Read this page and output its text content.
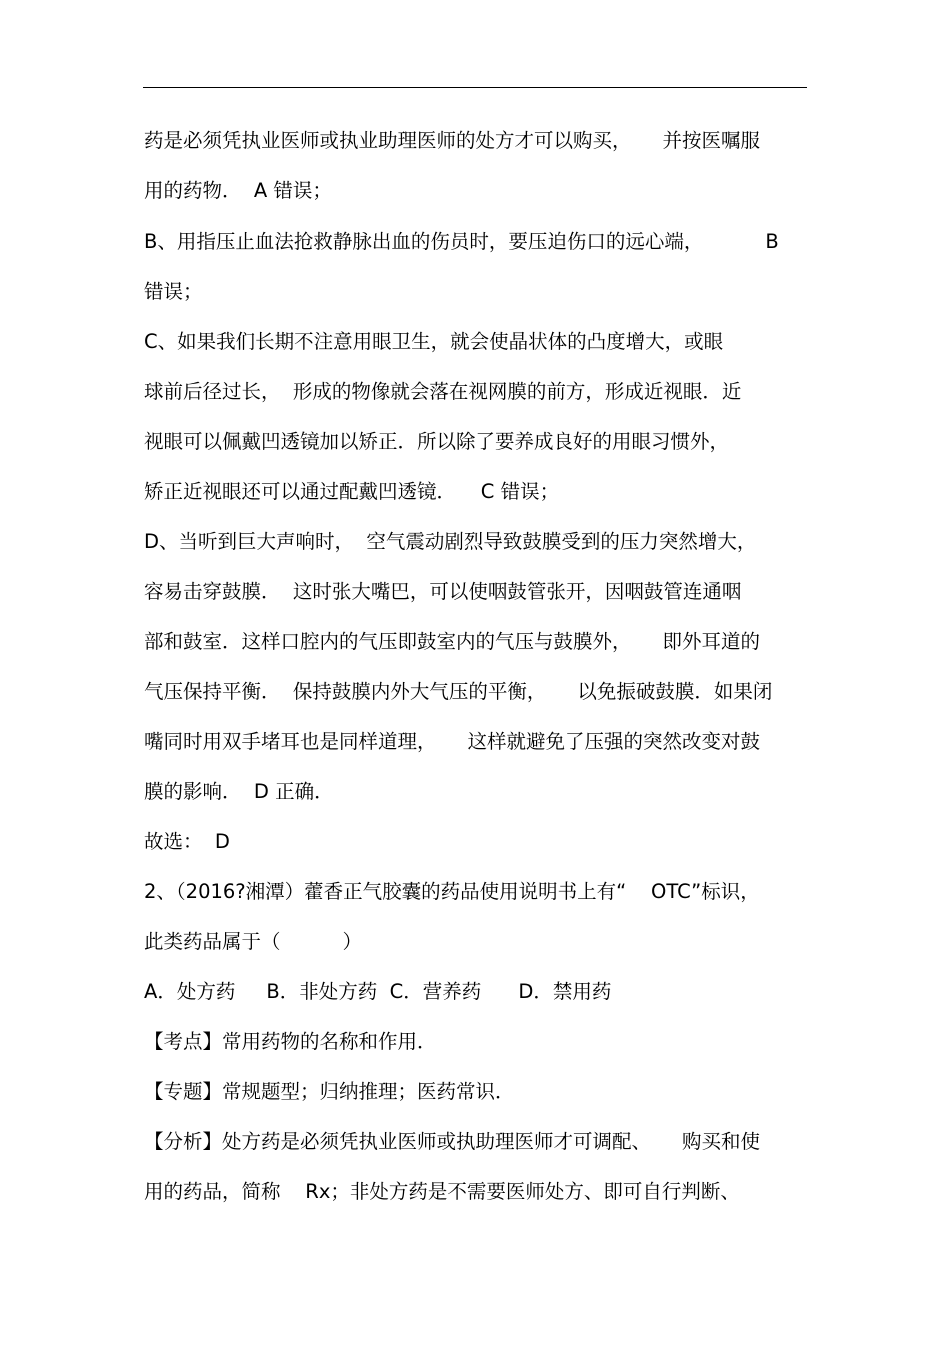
药是必须凭执业医师或执业助理医师的处方才可以购买，     并按医嘱服
用的药物．  A 错误；
B、用指压止血法抢救静脉出血的伤员时，要压迫伤口的远心端，          B
错误；
C、如果我们长期不注意用眼卫生，就会使晶状体的凸度增大，或眼
球前后径过长，  形成的物像就会落在视网膜的前方，形成近视眼．近
视眼可以佩戴凹透镜加以矫正．所以除了要养成良好的用眼习惯外，
矫正近视眼还可以通过配戴凹透镜．    C 错误；
D、当听到巨大声响时，  空气震动剧烈导致鼓膜受到的压力突然增大，
容易击穿鼓膜．  这时张大嘴巴，可以使咽鼓管张开，因咽鼓管连通咽
部和鼓室．这样口腔内的气压即鼓室内的气压与鼓膜外，     即外耳道的
气压保持平衡．  保持鼓膜内外大气压的平衡，     以免振破鼓膜．如果闭
嘴同时用双手堵耳也是同样道理，     这样就避免了压强的突然改变对鼓
膜的影响．  D 正确．
故选：  D
2、（2016?湘潭）藿香正气胶囊的药品使用说明书上有“    OTC”标识，
此类药品属于（          ）
A．处方药     B．非处方药  C．营养药      D．禁用药
【考点】常用药物的名称和作用．
【专题】常规题型；归纳推理；医药常识．
【分析】处方药是必须凭执业医师或执助理医师才可调配、     购买和使
用的药品，简称    Rx；非处方药是不需要医师处方、即可自行判断、
